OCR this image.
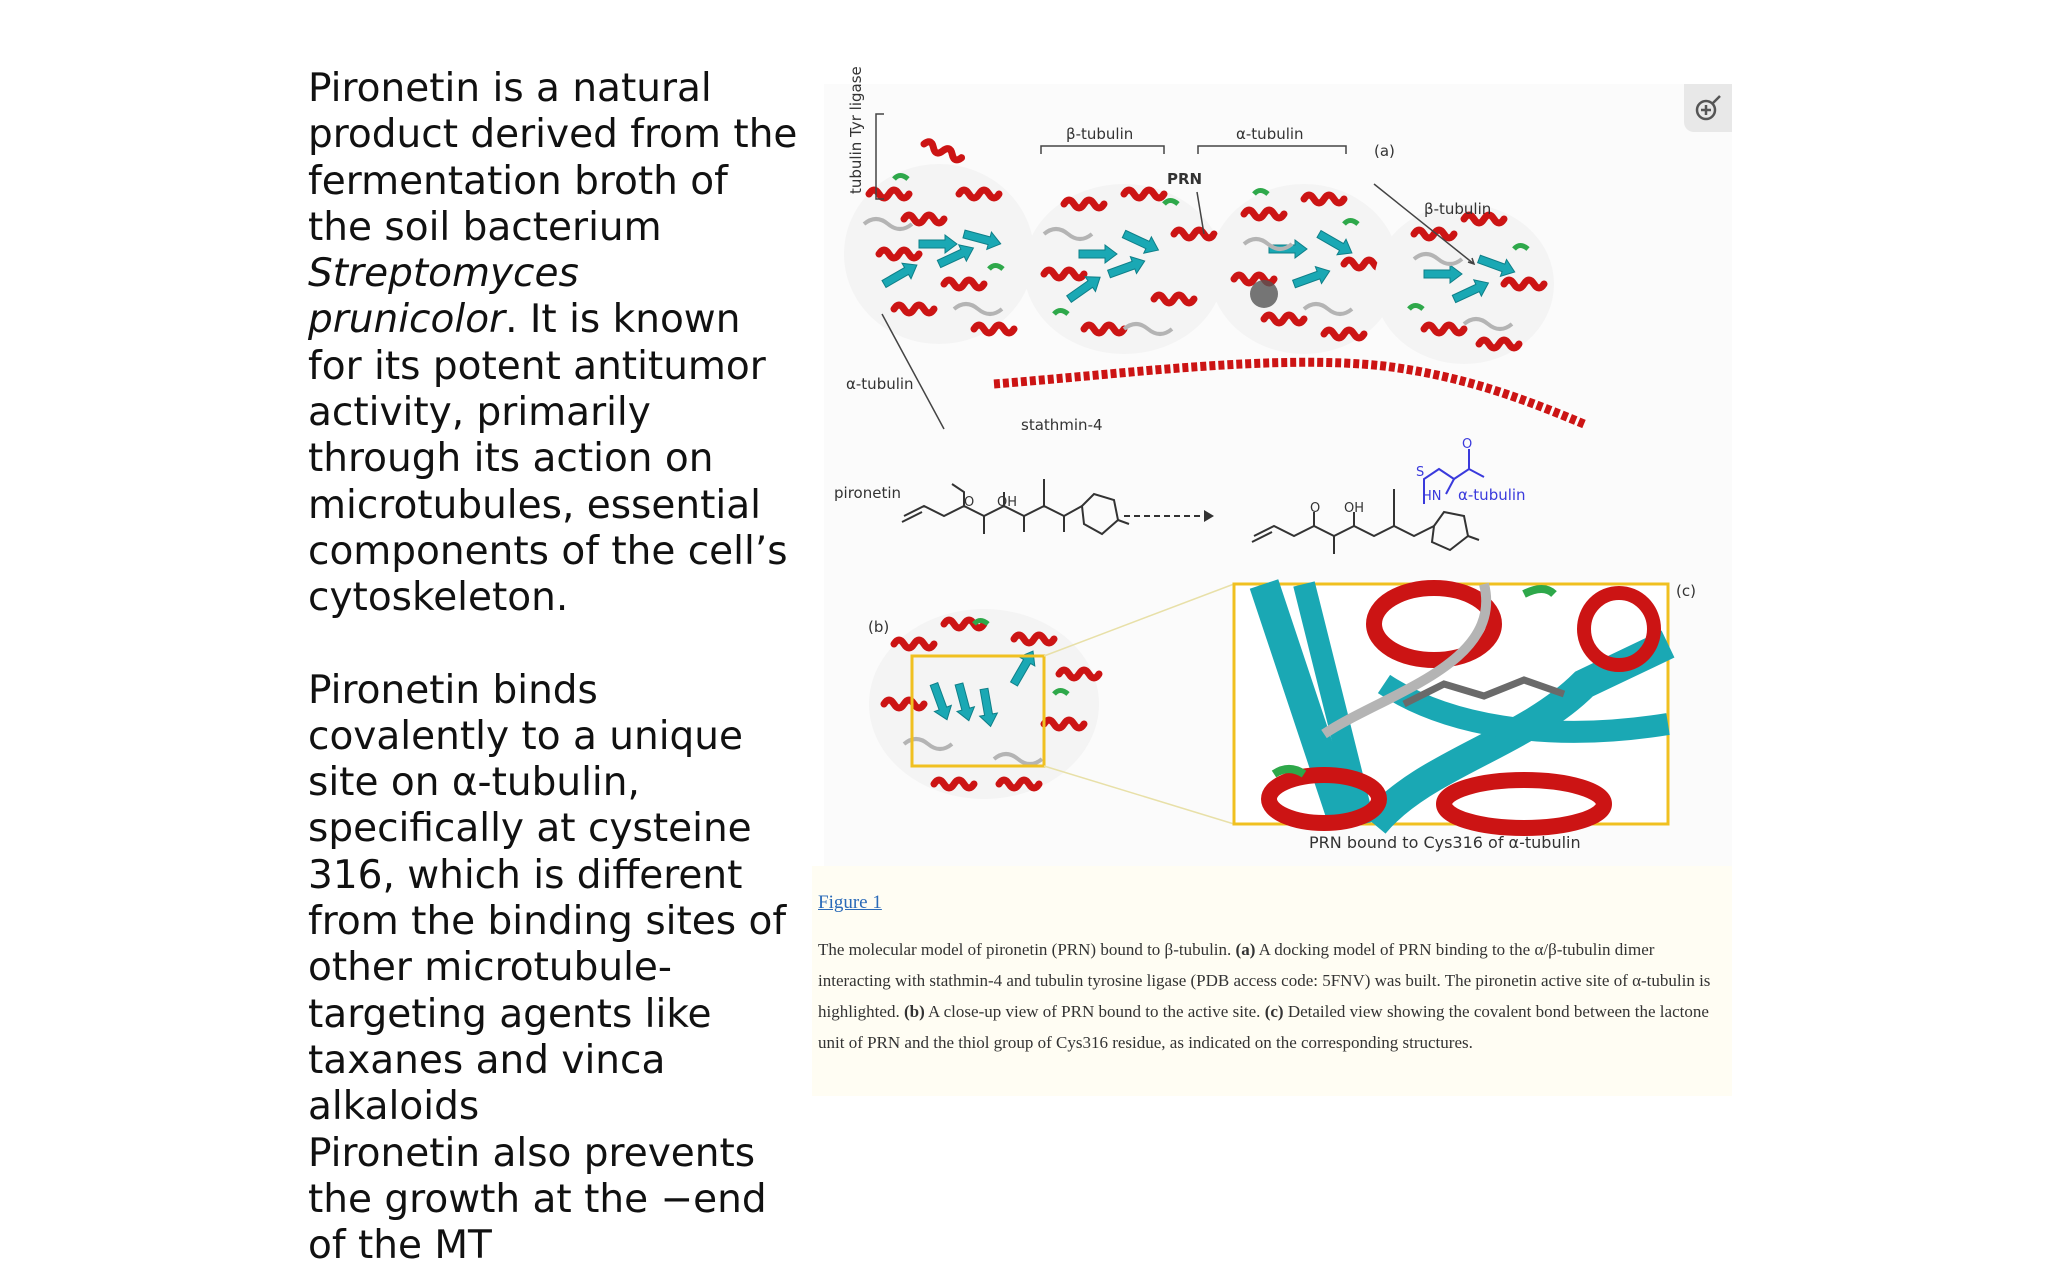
Pironetin is a natural product derived from the fermentation broth of the soil bacterium Streptomyces prunicolor. It is known for its potent antitumor activity, primarily through its action on microtubules, essential components of the cell’s cytoskeleton.

Pironetin binds covalently to a unique site on α-tubulin, specifically at cysteine 316, which is different from the binding sites of other microtubule-targeting agents like taxanes and vinca alkaloids

Pironetin also prevents the growth at the −end of the MT

tubulin Tyr ligase	β-tubulin	α-tubulin
(a)
β-tubulin
PRN
α-tubulin
stathmin-4
pironetin
OH
O	O OH
S
O
HN α-tubulin
(b)
(c)
PRN bound to Cys316 of α-tubulin
Figure 1
The molecular model of pironetin (PRN) bound to β-tubulin. (a) A docking model of PRN binding to the α/β-tubulin dimer interacting with stathmin-4 and tubulin tyrosine ligase (PDB access code: 5FNV) was built. The pironetin active site of α-tubulin is highlighted. (b) A close-up view of PRN bound to the active site. (c) Detailed view showing the covalent bond between the lactone unit of PRN and the thiol group of Cys316 residue, as indicated on the corresponding structures.
